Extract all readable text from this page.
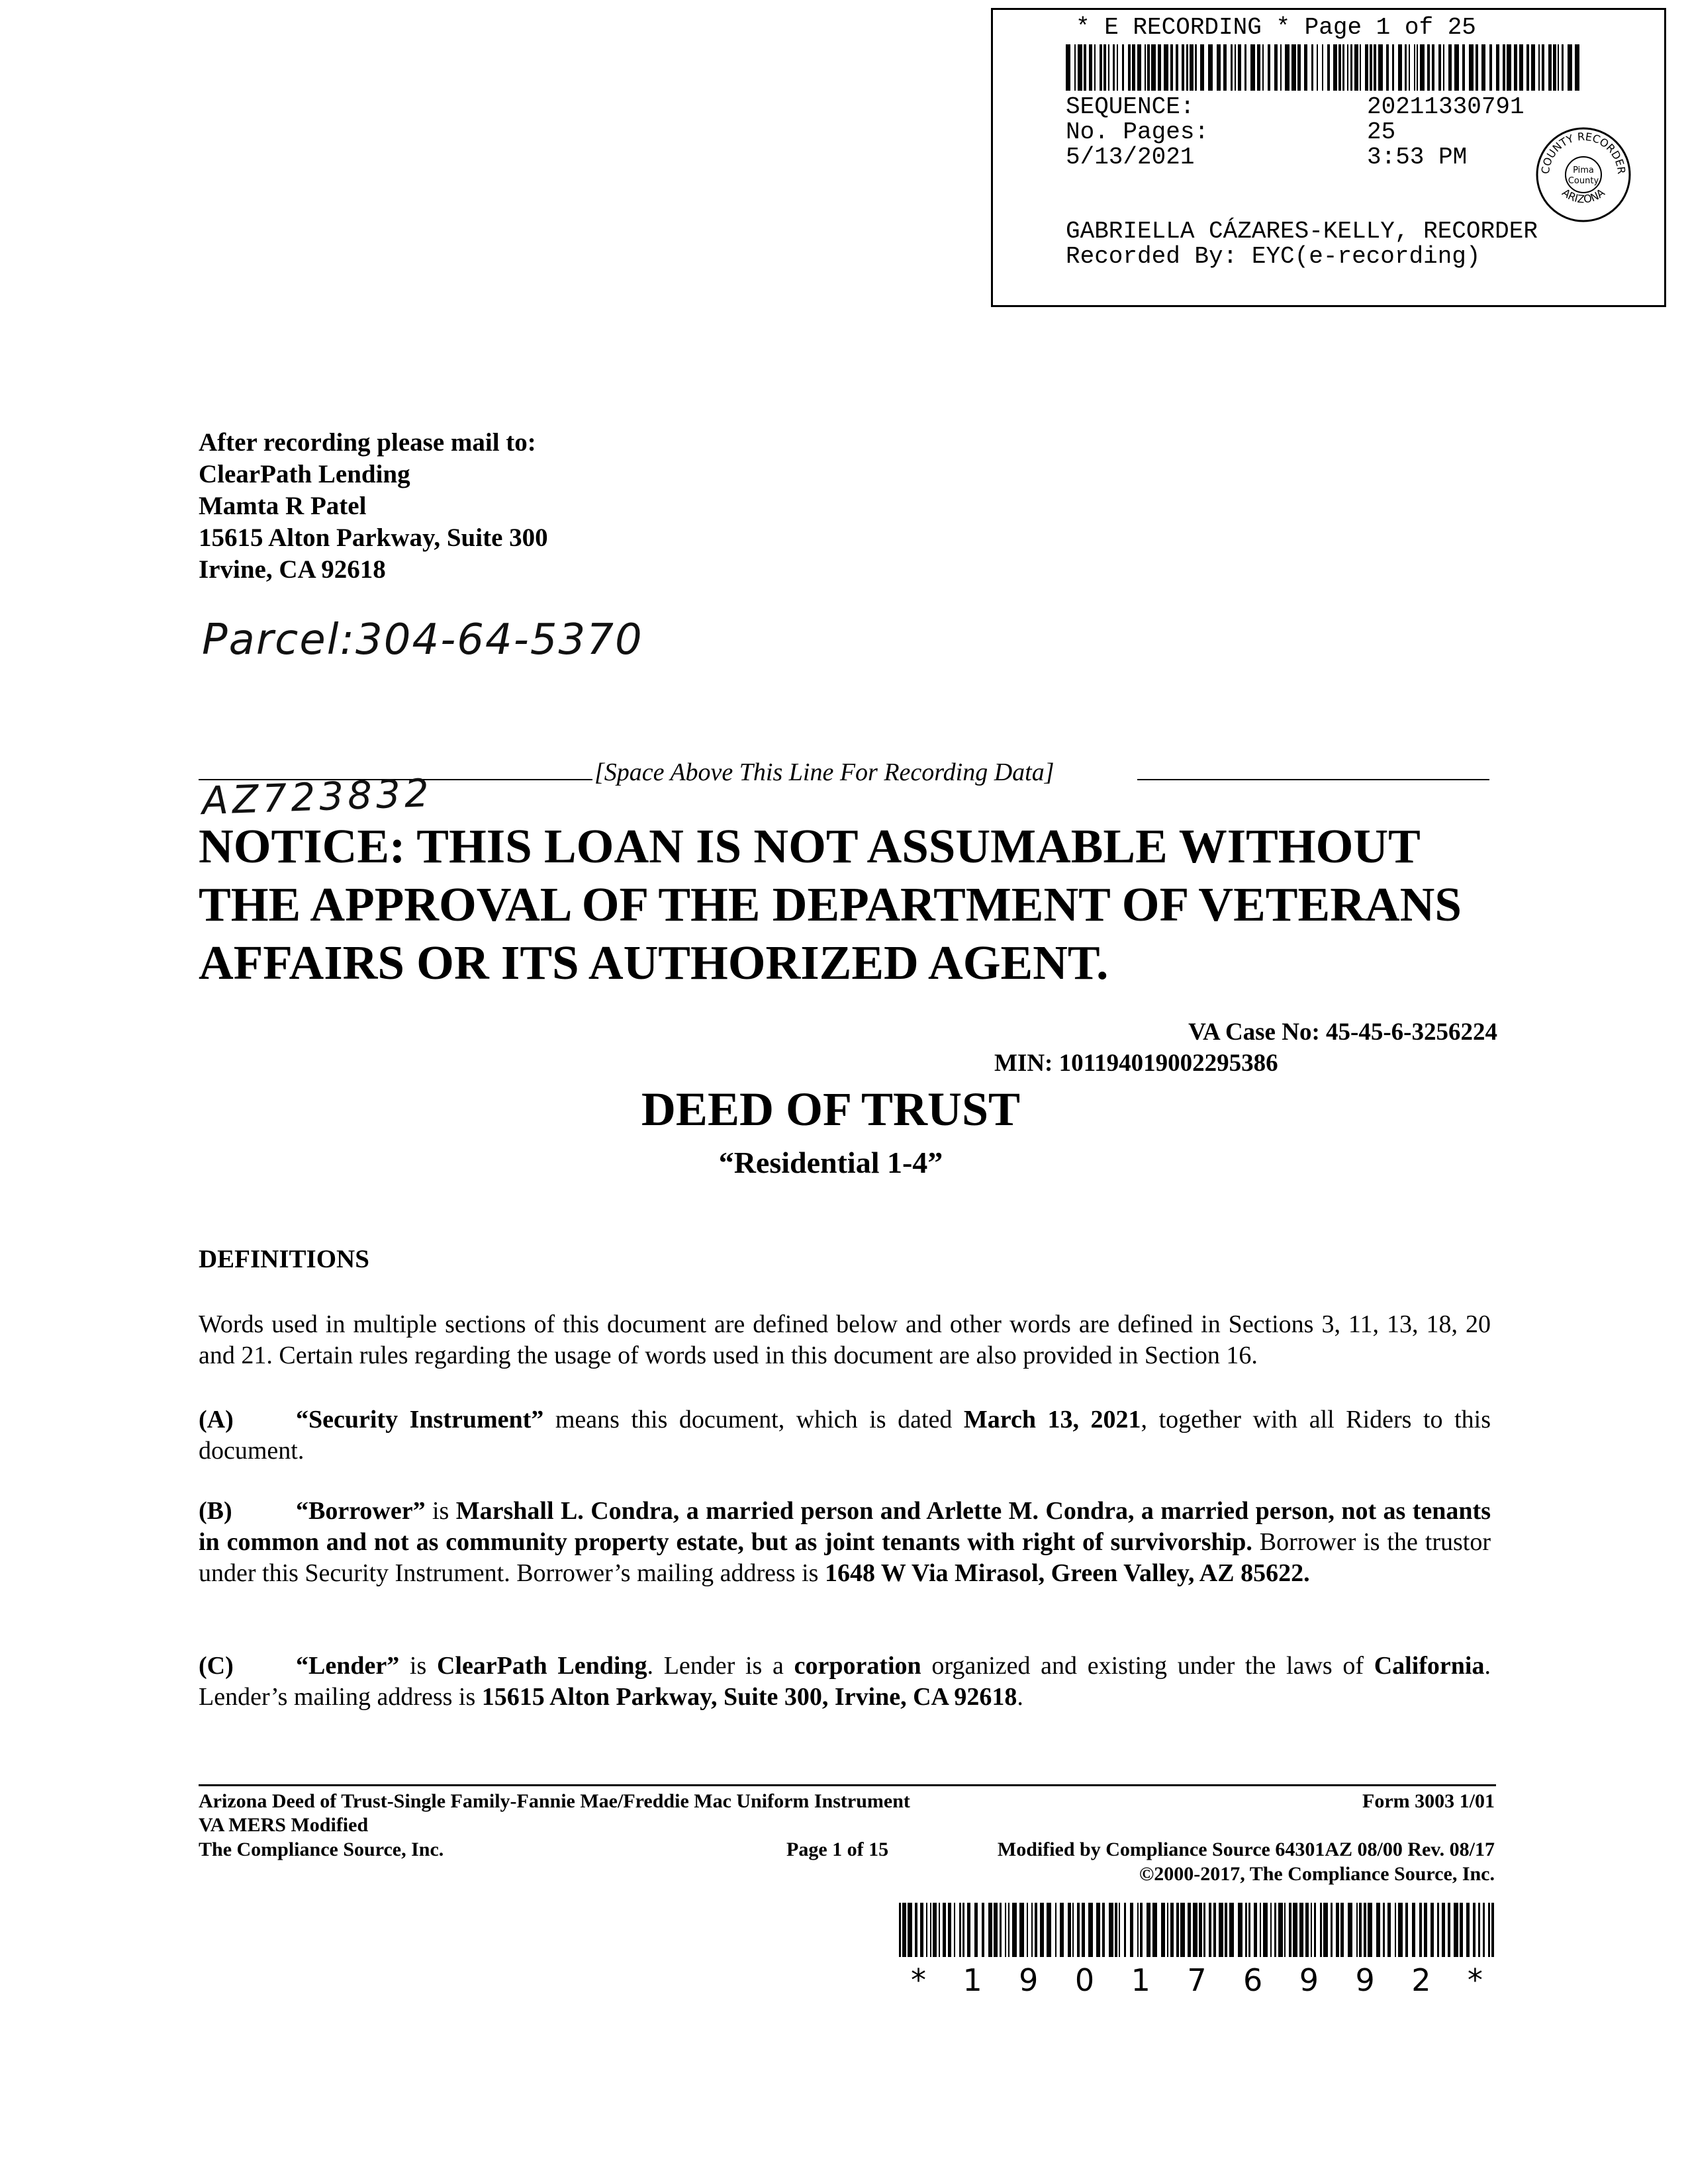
* E RECORDING * Page 1 of 25
SEQUENCE:	20211330791
No. Pages:	25
5/13/2021	3:53 PM
GABRIELLA CÁZARES-KELLY, RECORDER
Recorded By: EYC(e-recording)
COUNTY RECORDER
ARIZONA
Pima
County
After recording please mail to:
ClearPath Lending
Mamta R Patel
15615 Alton Parkway, Suite 300
Irvine, CA 92618
Parcel:304-64-5370
[Space Above This Line For Recording Data]
AZ723832
NOTICE: THIS LOAN IS NOT ASSUMABLE WITHOUT
THE APPROVAL OF THE DEPARTMENT OF VETERANS
AFFAIRS OR ITS AUTHORIZED AGENT.
VA Case No: 45-45-6-3256224
MIN: 101194019002295386
DEED OF TRUST
“Residential 1-4”
DEFINITIONS
Words used in multiple sections of this document are defined below and other words are defined in Sections 3, 11, 13, 18, 20 and 21. Certain rules regarding the usage of words used in this document are also provided in Section 16.
(A) “Security Instrument” means this document, which is dated March 13, 2021, together with all Riders to this document.
(B)	“Borrower” is Marshall L. Condra, a married person and Arlette M. Condra, a married person, not as tenants in common and not as community property estate, but as joint tenants with right of survivorship. Borrower is the trustor under this Security Instrument. Borrower’s mailing address is 1648 W Via Mirasol, Green Valley, AZ 85622.
(C) “Lender” is ClearPath Lending. Lender is a corporation organized and existing under the laws of California. Lender’s mailing address is 15615 Alton Parkway, Suite 300, Irvine, CA 92618.
Arizona Deed of Trust-Single Family-Fannie Mae/Freddie Mac Uniform Instrument
VA MERS Modified
The Compliance Source, Inc.
Form 3003 1/01
Page 1 of 15	Modified by Compliance Source 64301AZ 08/00 Rev. 08/17
©2000-2017, The Compliance Source, Inc.
* 1 9 0 1 7 6 9 9 2 *
